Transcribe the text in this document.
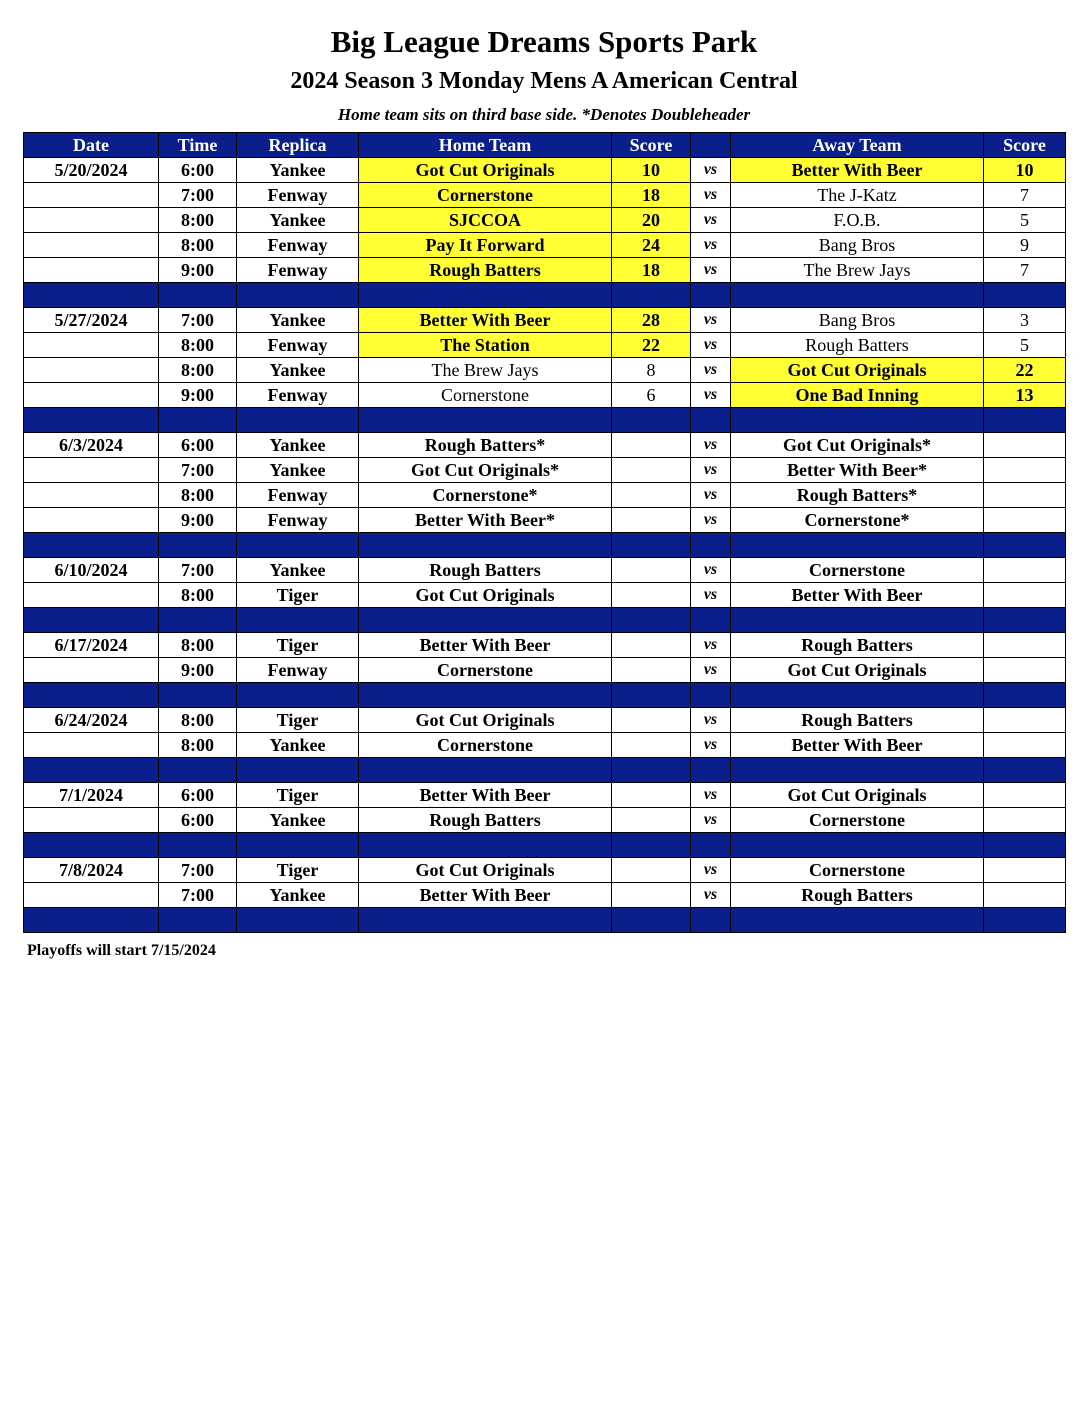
Big League Dreams Sports Park
2024 Season 3 Monday Mens A American Central

Home team sits on third base side. *Denotes Doubleheader

Date	Time	Replica	Home Team	Score		Away Team	Score
5/20/2024	6:00	Yankee	Got Cut Originals	10	vs	Better With Beer	10
	7:00	Fenway	Cornerstone	18	vs	The J-Katz	7
	8:00	Yankee	SJCCOA	20	vs	F.O.B.	5
	8:00	Fenway	Pay It Forward	24	vs	Bang Bros	9
	9:00	Fenway	Rough Batters	18	vs	The Brew Jays	7

5/27/2024	7:00	Yankee	Better With Beer	28	vs	Bang Bros	3
	8:00	Fenway	The Station	22	vs	Rough Batters	5
	8:00	Yankee	The Brew Jays	8	vs	Got Cut Originals	22
	9:00	Fenway	Cornerstone	6	vs	One Bad Inning	13

6/3/2024	6:00	Yankee	Rough Batters*		vs	Got Cut Originals*	
	7:00	Yankee	Got Cut Originals*		vs	Better With Beer*	
	8:00	Fenway	Cornerstone*		vs	Rough Batters*	
	9:00	Fenway	Better With Beer*		vs	Cornerstone*	

6/10/2024	7:00	Yankee	Rough Batters		vs	Cornerstone	
	8:00	Tiger	Got Cut Originals		vs	Better With Beer	

6/17/2024	8:00	Tiger	Better With Beer		vs	Rough Batters	
	9:00	Fenway	Cornerstone		vs	Got Cut Originals	

6/24/2024	8:00	Tiger	Got Cut Originals		vs	Rough Batters	
	8:00	Yankee	Cornerstone		vs	Better With Beer	

7/1/2024	6:00	Tiger	Better With Beer		vs	Got Cut Originals	
	6:00	Yankee	Rough Batters		vs	Cornerstone	

7/8/2024	7:00	Tiger	Got Cut Originals		vs	Cornerstone	
	7:00	Yankee	Better With Beer		vs	Rough Batters	

Playoffs will start 7/15/2024
